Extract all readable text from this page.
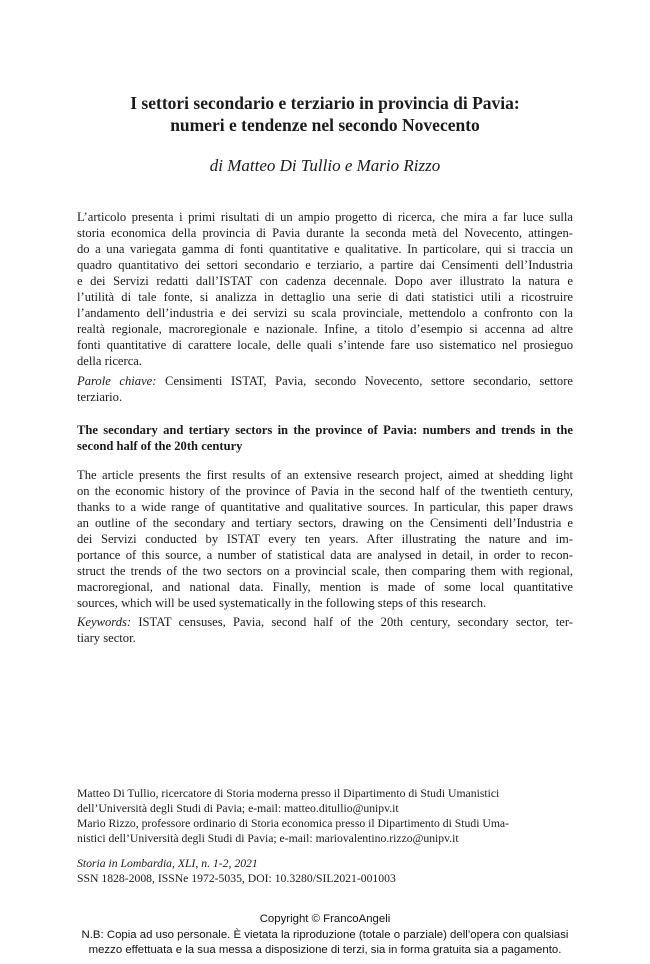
I settori secondario e terziario in provincia di Pavia:
numeri e tendenze nel secondo Novecento
di Matteo Di Tullio e Mario Rizzo
L’articolo presenta i primi risultati di un ampio progetto di ricerca, che mira a far luce sulla
storia economica della provincia di Pavia durante la seconda metà del Novecento, attingen-
do a una variegata gamma di fonti quantitative e qualitative. In particolare, qui si traccia un
quadro quantitativo dei settori secondario e terziario, a partire dai Censimenti dell’Industria
e dei Servizi redatti dall’ISTAT con cadenza decennale. Dopo aver illustrato la natura e
l’utilità di tale fonte, si analizza in dettaglio una serie di dati statistici utili a ricostruire
l’andamento dell’industria e dei servizi su scala provinciale, mettendolo a confronto con la
realtà regionale, macroregionale e nazionale. Infine, a titolo d’esempio si accenna ad altre
fonti quantitative di carattere locale, delle quali s’intende fare uso sistematico nel prosieguo
della ricerca.
Parole chiave: Censimenti ISTAT, Pavia, secondo Novecento, settore secondario, settore
terziario.
The secondary and tertiary sectors in the province of Pavia: numbers and trends in the
second half of the 20th century
The article presents the first results of an extensive research project, aimed at shedding light
on the economic history of the province of Pavia in the second half of the twentieth century,
thanks to a wide range of quantitative and qualitative sources. In particular, this paper draws
an outline of the secondary and tertiary sectors, drawing on the Censimenti dell’Industria e
dei Servizi conducted by ISTAT every ten years. After illustrating the nature and im-
portance of this source, a number of statistical data are analysed in detail, in order to recon-
struct the trends of the two sectors on a provincial scale, then comparing them with regional,
macroregional, and national data. Finally, mention is made of some local quantitative
sources, which will be used systematically in the following steps of this research.
Keywords: ISTAT censuses, Pavia, second half of the 20th century, secondary sector, ter-
tiary sector.
Matteo Di Tullio, ricercatore di Storia moderna presso il Dipartimento di Studi Umanistici
dell’Università degli Studi di Pavia; e-mail: matteo.ditullio@unipv.it
Mario Rizzo, professore ordinario di Storia economica presso il Dipartimento di Studi Uma-
nistici dell’Università degli Studi di Pavia; e-mail: mariovalentino.rizzo@unipv.it
Storia in Lombardia, XLI, n. 1-2, 2021
SSN 1828-2008, ISSNe 1972-5035, DOI: 10.3280/SIL2021-001003
Copyright © FrancoAngeli
N.B: Copia ad uso personale. È vietata la riproduzione (totale o parziale) dell’opera con qualsiasi
mezzo effettuata e la sua messa a disposizione di terzi, sia in forma gratuita sia a pagamento.
